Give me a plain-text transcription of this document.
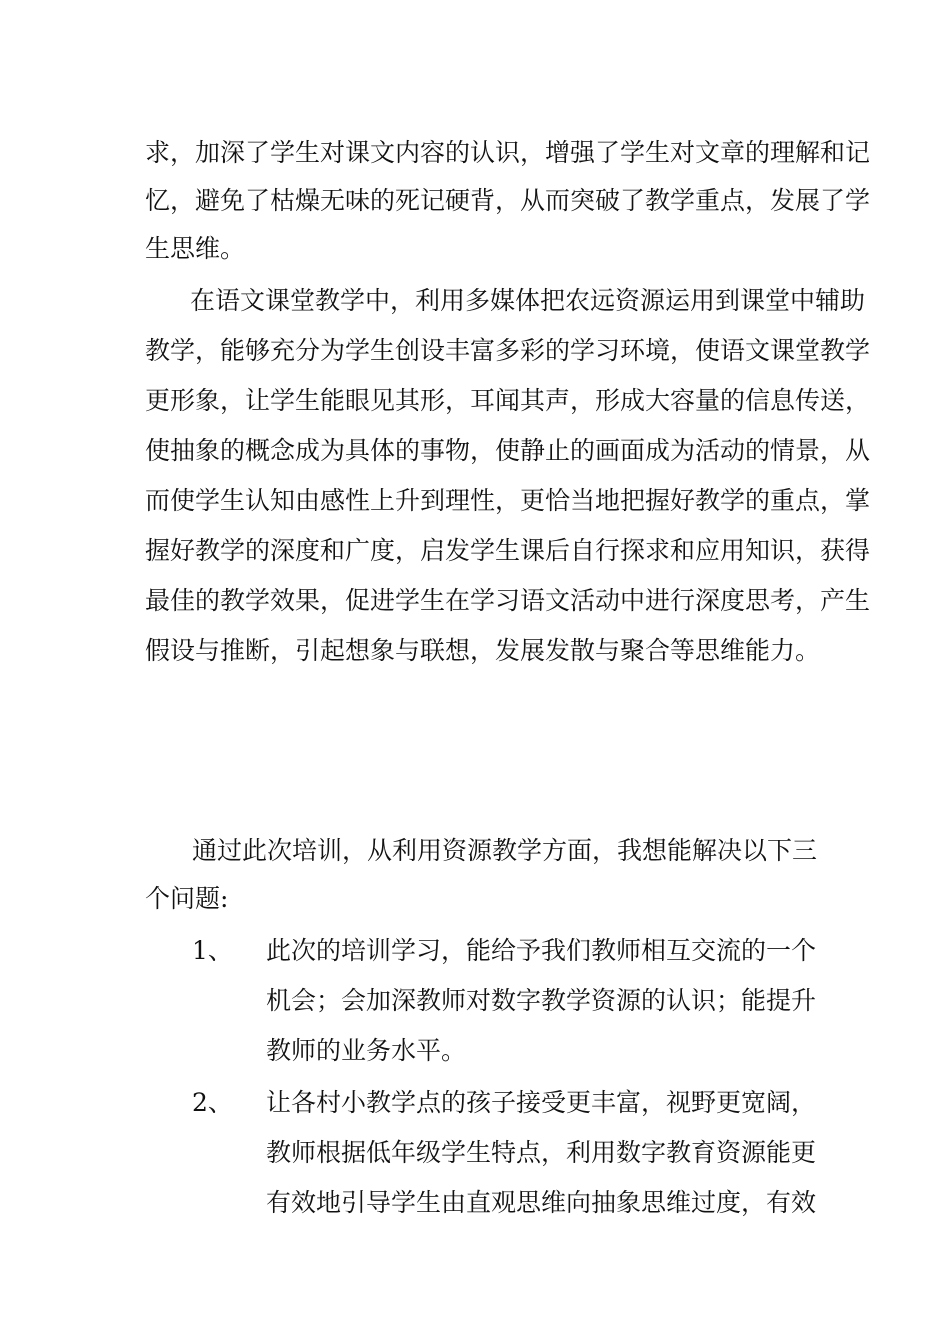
求，加深了学生对课文内容的认识，增强了学生对文章的理解和记
忆，避免了枯燥无味的死记硬背，从而突破了教学重点，发展了学
生思维。
在语文课堂教学中，利用多媒体把农远资源运用到课堂中辅助
教学，能够充分为学生创设丰富多彩的学习环境，使语文课堂教学
更形象，让学生能眼见其形，耳闻其声，形成大容量的信息传送，
使抽象的概念成为具体的事物，使静止的画面成为活动的情景，从
而使学生认知由感性上升到理性，更恰当地把握好教学的重点，掌
握好教学的深度和广度，启发学生课后自行探求和应用知识，获得
最佳的教学效果，促进学生在学习语文活动中进行深度思考，产生
假设与推断，引起想象与联想，发展发散与聚合等思维能力。
通过此次培训，从利用资源教学方面，我想能解决以下三
个问题:
1、 此次的培训学习，能给予我们教师相互交流的一个
机会；会加深教师对数字教学资源的认识；能提升
教师的业务水平。
2、 让各村小教学点的孩子接受更丰富，视野更宽阔，
教师根据低年级学生特点，利用数字教育资源能更
有效地引导学生由直观思维向抽象思维过度，有效
